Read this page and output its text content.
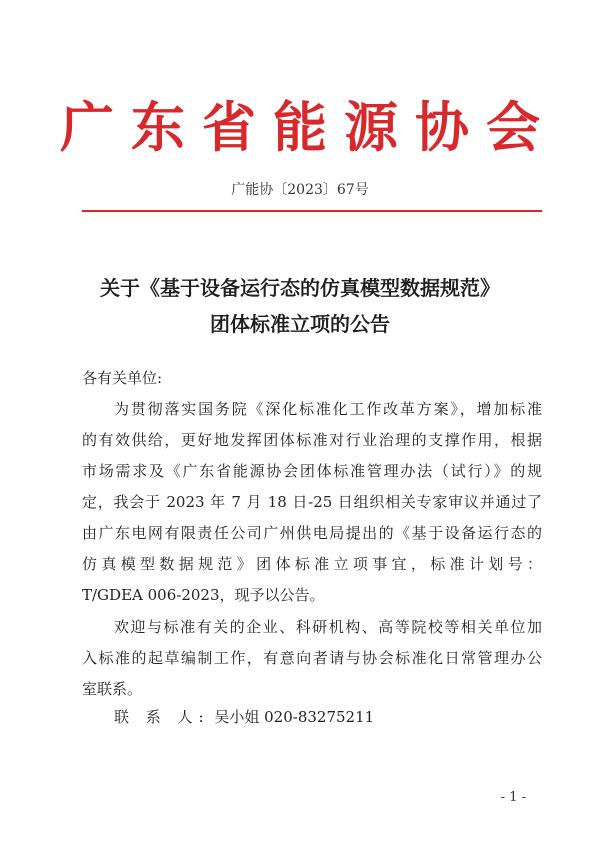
广东省能源协会
广能协〔2023〕67号
关于《基于设备运行态的仿真模型数据规范》
团体标准立项的公告
各有关单位:
为贯彻落实国务院《深化标准化工作改革方案》，增加标准
的有效供给，更好地发挥团体标准对行业治理的支撑作用，根据
市场需求及《广东省能源协会团体标准管理办法（试行）》的规
定，我会于 2023 年 7 月 18 日-25 日组织相关专家审议并通过了
由广东电网有限责任公司广州供电局提出的《基于设备运行态的
仿真模型数据规范》团体标准立项事宜，标准计划号：
T/GDEA 006-2023，现予以公告。
欢迎与标准有关的企业、科研机构、高等院校等相关单位加
入标准的起草编制工作，有意向者请与协会标准化日常管理办公
室联系。
联 系 人: 吴小姐 020-83275211
- 1 -
